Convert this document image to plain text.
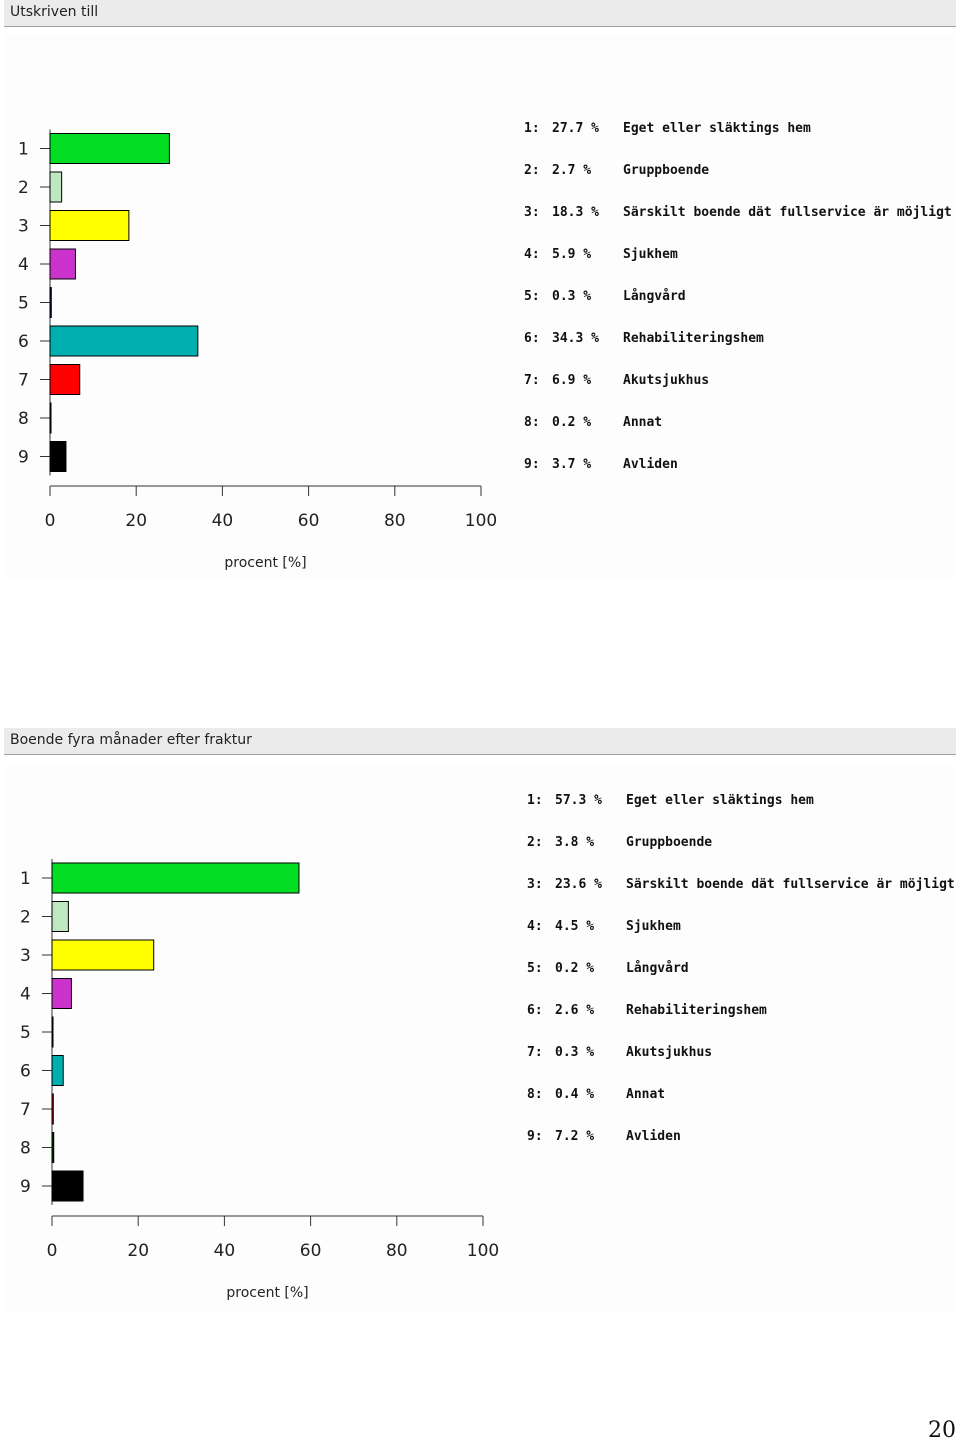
Utskriven till
1
1: 27.7 % Eget eller släktings hem
2
2: 2.7 % Gruppboende
3
3: 18.3 % Särskilt boende dät fullservice är möjligt
4
4: 5.9 % Sjukhem
5	5: 0.3 % Långvård
6	6: 34.3 % Rehabiliteringshem
7	7: 6.9 % Akutsjukhus
8	8: 0.2 % Annat
9	9: 3.7 % Avliden
0	20	40	60	80	100
procent [%]
Boende fyra månader efter fraktur
1
1: 57.3 % Eget eller släktings hem
2
2: 3.8 % Gruppboende
3
3: 23.6 % Särskilt boende dät fullservice är möjligt
4
4: 4.5 % Sjukhem
5
5: 0.2 % Långvård
6
6: 2.6 % Rehabiliteringshem
7
7: 0.3 % Akutsjukhus
8
8: 0.4 % Annat
9
9: 7.2 % Avliden
0	20	40	60	80	100
procent [%]
20
